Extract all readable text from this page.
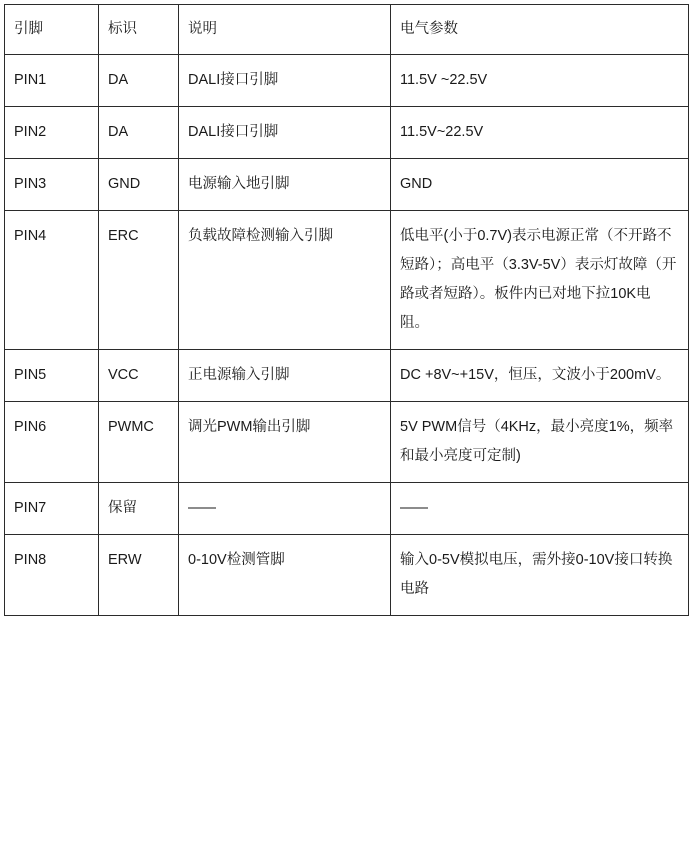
引脚	标识	说明	电气参数
PIN1	DA	DALI接口引脚	11.5V ~22.5V
PIN2	DA	DALI接口引脚	11.5V~22.5V
PIN3	GND	电源输入地引脚	GND
PIN4	ERC	负载故障检测输入引脚	低电平(小于0.7V)表示电源正常（不开路不短路）；高电平（3.3V-5V）表示灯故障（开路或者短路）。板件内已对地下拉10K电阻。
PIN5	VCC	正电源输入引脚	DC +8V~+15V，恒压，文波小于200mV。
PIN6	PWMC	调光PWM输出引脚	5V PWM信号（4KHz，最小亮度1%，频率和最小亮度可定制)
PIN7	保留	——	——
PIN8	ERW	0-10V检测管脚	输入0-5V模拟电压，需外接0-10V接口转换电路
